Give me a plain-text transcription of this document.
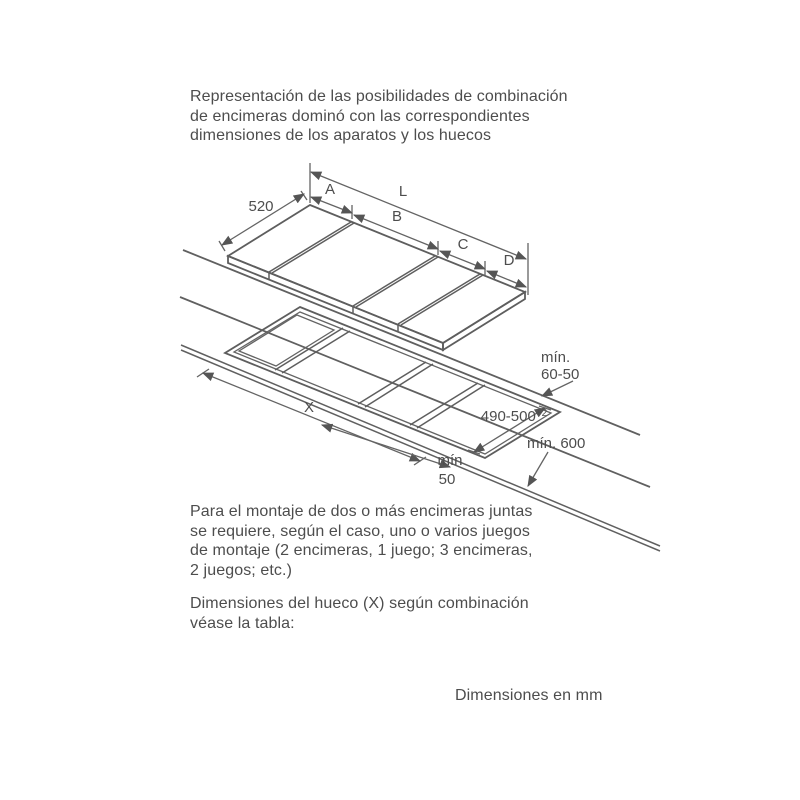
Representación de las posibilidades de combinación
de encimeras dominó con las correspondientes
dimensiones de los aparatos y los huecos
520
A	L
B
C
D
X
mín.
60-50
$490-500^{+2}$
mín. 600
mín
50
Para el montaje de dos o más encimeras juntas
se requiere, según el caso, uno o varios juegos
de montaje (2 encimeras, 1 juego; 3 encimeras,
2 juegos; etc.)
Dimensiones del hueco (X) según combinación
véase la tabla:
Dimensiones en mm
